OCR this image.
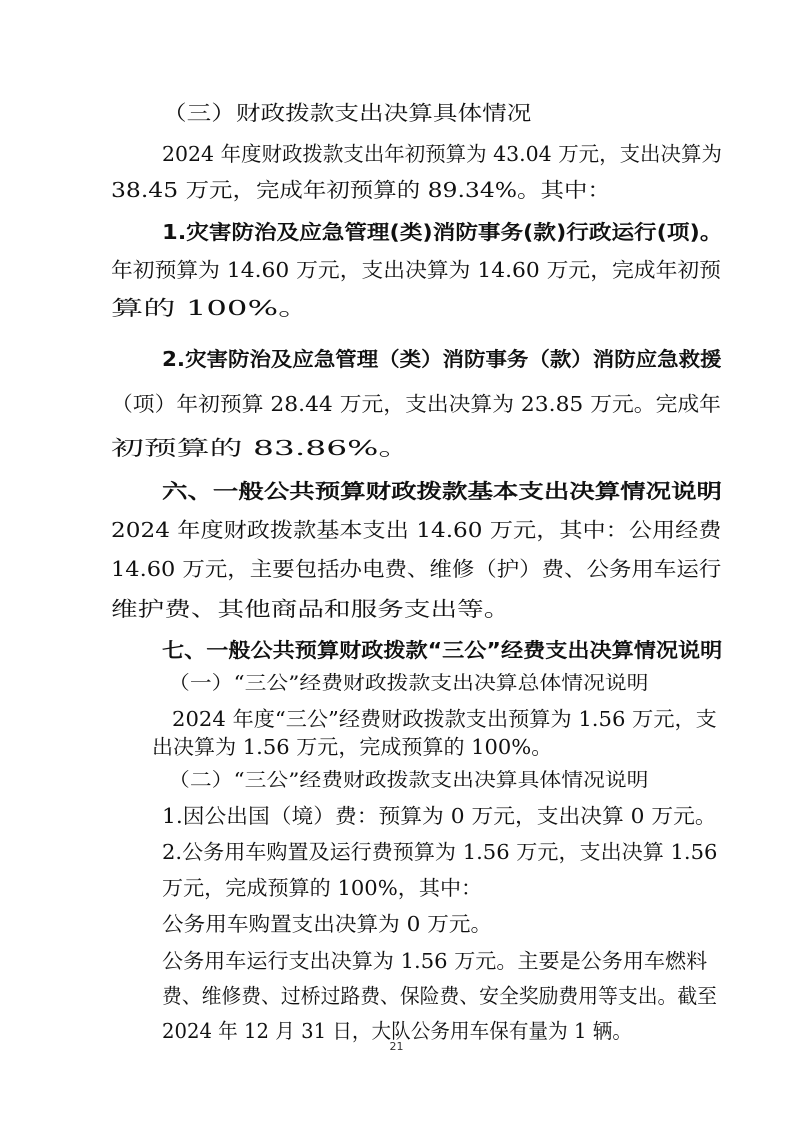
（三）财政拨款支出决算具体情况
2024 年度财政拨款支出年初预算为 43.04 万元，支出决算为
38.45 万元，完成年初预算的 89.34%。其中：
1.灾害防治及应急管理(类)消防事务(款)行政运行(项)。
年初预算为 14.60 万元，支出决算为 14.60 万元，完成年初预
算的 100%。
2.灾害防治及应急管理（类）消防事务（款）消防应急救援
（项）年初预算 28.44 万元，支出决算为 23.85 万元。完成年
初预算的 83.86%。
六、一般公共预算财政拨款基本支出决算情况说明
2024 年度财政拨款基本支出 14.60 万元，其中：公用经费
14.60 万元，主要包括办电费、维修（护）费、公务用车运行
维护费、其他商品和服务支出等。
七、一般公共预算财政拨款“三公”经费支出决算情况说明
（一）“三公”经费财政拨款支出决算总体情况说明
2024 年度“三公”经费财政拨款支出预算为 1.56 万元，支
出决算为 1.56 万元，完成预算的 100%。
（二）“三公”经费财政拨款支出决算具体情况说明
1.因公出国（境）费：预算为 0 万元，支出决算 0 万元。
2.公务用车购置及运行费预算为 1.56 万元，支出决算 1.56
万元，完成预算的 100%，其中：
公务用车购置支出决算为 0 万元。
公务用车运行支出决算为 1.56 万元。主要是公务用车燃料
费、维修费、过桥过路费、保险费、安全奖励费用等支出。截至
2024 年 12 月 31 日，大队公务用车保有量为 1 辆。
21
